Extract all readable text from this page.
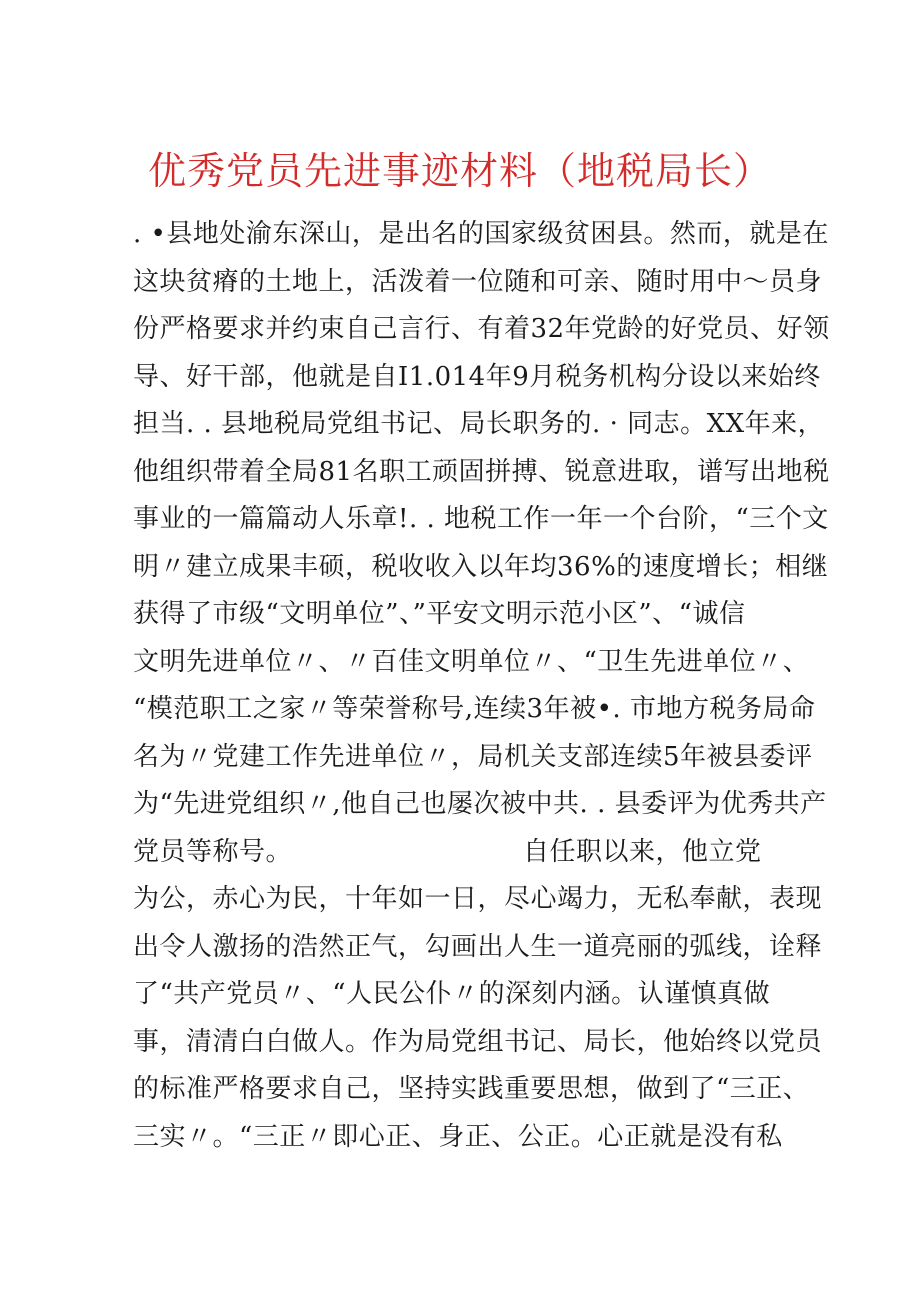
优秀党员先进事迹材料（地税局长）
. •县地处渝东深山，是出名的国家级贫困县。然而，就是在
这块贫瘠的土地上，活泼着一位随和可亲、随时用中～员身
份严格要求并约束自己言行、有着32年党龄的好党员、好领
导、好干部，他就是自I1.014年9月税务机构分设以来始终
担当. . 县地税局党组书记、局长职务的. · 同志。XX年来，
他组织带着全局81名职工顽固拼搏、锐意进取，谱写出地税
事业的一篇篇动人乐章!. . 地税工作一年一个台阶，“三个文
明〃建立成果丰硕，税收收入以年均36%的速度增长；相继
获得了市级“文明单位”、”平安文明示范小区”、“诚信
文明先进单位〃、〃百佳文明单位〃、“卫生先进单位〃、
“模范职工之家〃等荣誉称号,连续3年被•. 市地方税务局命
名为〃党建工作先进单位〃，局机关支部连续5年被县委评
为“先进党组织〃,他自己也屡次被中共. . 县委评为优秀共产
党员等称号。	自任职以来，他立党
为公，赤心为民，十年如一日，尽心竭力，无私奉献，表现
出令人激扬的浩然正气，勾画出人生一道亮丽的弧线，诠释
了“共产党员〃、“人民公仆〃的深刻内涵。认谨慎真做
事，清清白白做人。作为局党组书记、局长，他始终以党员
的标准严格要求自己，坚持实践重要思想，做到了“三正、
三实〃。“三正〃即心正、身正、公正。心正就是没有私
